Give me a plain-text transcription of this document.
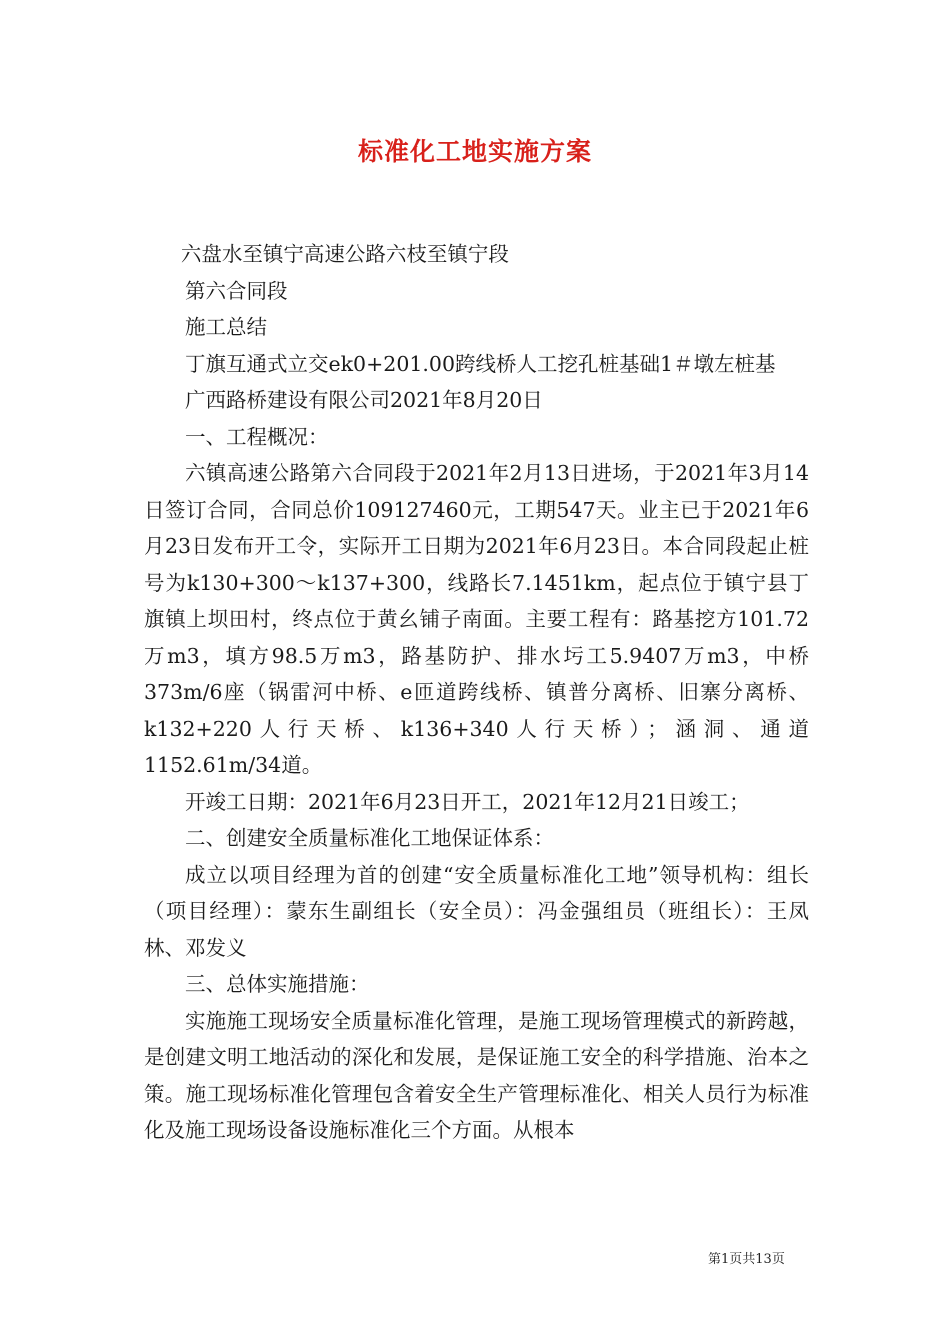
标准化工地实施方案

六盘水至镇宁高速公路六枝至镇宁段

第六合同段

施工总结

丁旗互通式立交ek0+201.00跨线桥人工挖孔桩基础1＃墩左桩基

广西路桥建设有限公司2021年8月20日

一、工程概况：

六镇高速公路第六合同段于2021年2月13日进场，于2021年3月14日签订合同，合同总价109127460元，工期547天。业主已于2021年6月23日发布开工令，实际开工日期为2021年6月23日。本合同段起止桩号为k130+300～k137+300，线路长7.1451km，起点位于镇宁县丁旗镇上坝田村，终点位于黄幺铺子南面。主要工程有：路基挖方101.72万m3，填方98.5万m3，路基防护、排水圬工5.9407万m3，中桥373m/6座（锅雷河中桥、e匝道跨线桥、镇普分离桥、旧寨分离桥、k132+220人行天桥、k136+340人行天桥）；涵洞、通道1152.61m/34道。

开竣工日期：2021年6月23日开工，2021年12月21日竣工；

二、创建安全质量标准化工地保证体系：

成立以项目经理为首的创建“安全质量标准化工地”领导机构：组长（项目经理）：蒙东生副组长（安全员）：冯金强组员（班组长）：王凤林、邓发义

三、总体实施措施：

实施施工现场安全质量标准化管理，是施工现场管理模式的新跨越，是创建文明工地活动的深化和发展，是保证施工安全的科学措施、治本之策。施工现场标准化管理包含着安全生产管理标准化、相关人员行为标准化及施工现场设备设施标准化三个方面。从根本

第1页共13页
